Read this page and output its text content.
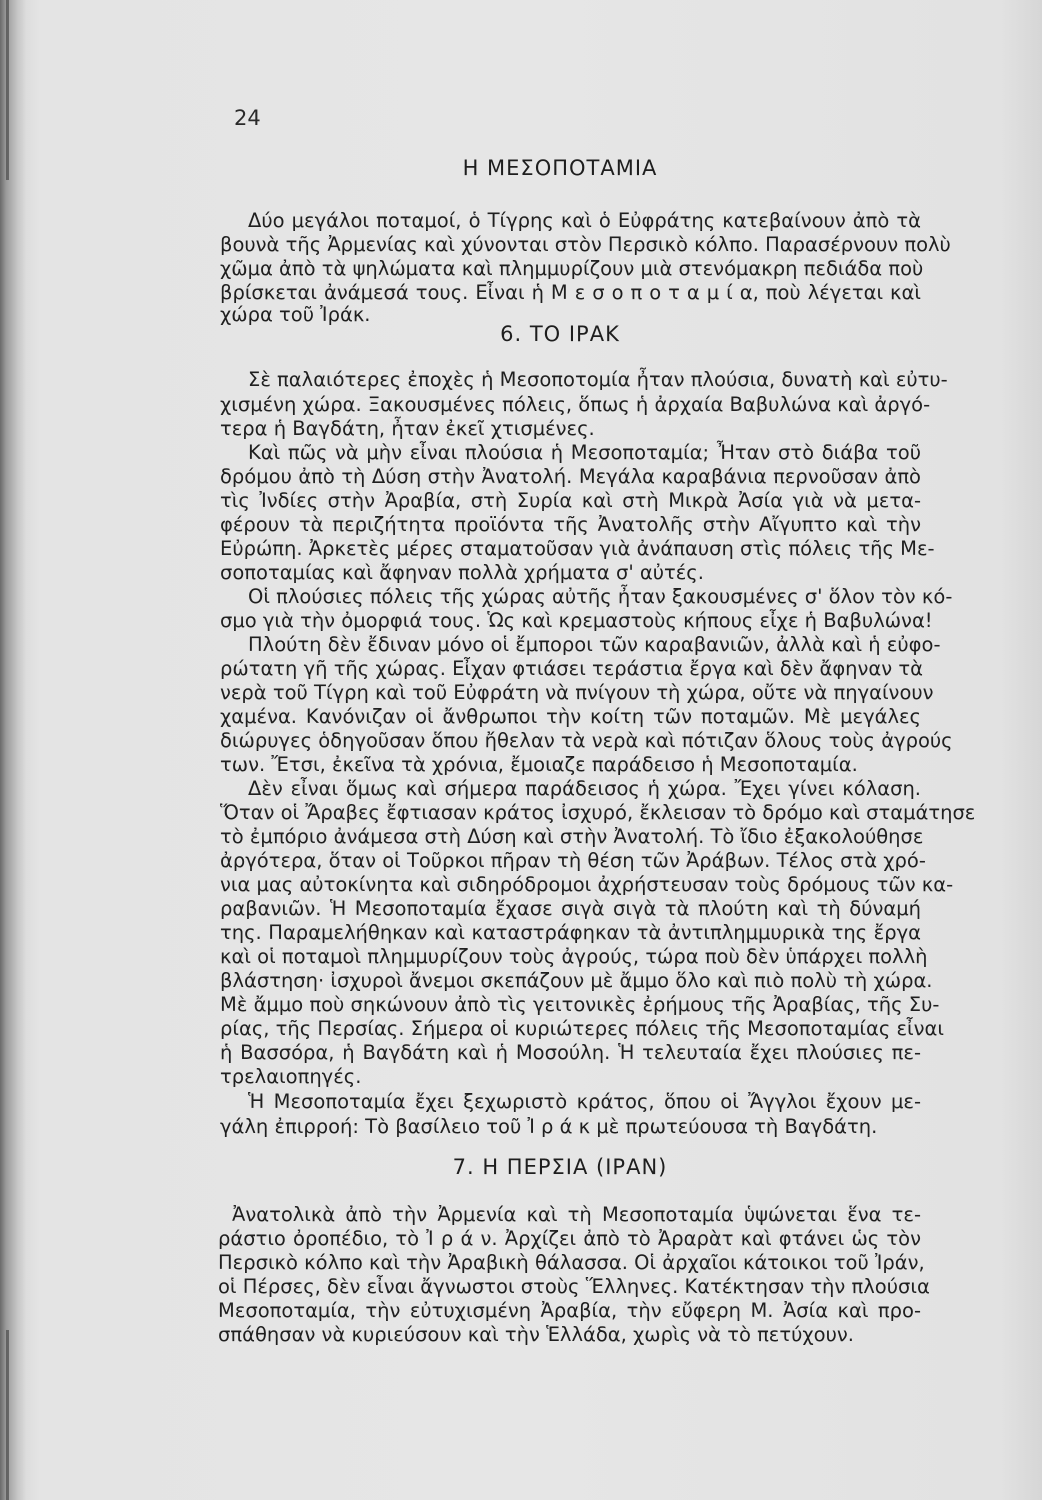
24
Η ΜΕΣΟΠΟΤΑΜΙΑ
Δύο μεγάλοι ποταμοί, ὁ Τίγρης καὶ ὁ Εὐφράτης κατεβαίνουν ἀπὸ τὰ
βουνὰ τῆς Ἀρμενίας καὶ χύνονται στὸν Περσικὸ κόλπο. Παρασέρνουν πολὺ
χῶμα ἀπὸ τὰ ψηλώματα καὶ πλημμυρίζουν μιὰ στενόμακρη πεδιάδα ποὺ
βρίσκεται ἀνάμεσά τους. Εἶναι ἡ Μ ε σ ο π ο τ α μ ί α, ποὺ λέγεται καὶ
χώρα τοῦ Ἰράκ.
6. ΤΟ ΙΡΑΚ
Σὲ παλαιότερες ἐποχὲς ἡ Μεσοποτομία ἦταν πλούσια, δυνατὴ καὶ εὐτυ-
χισμένη χώρα. Ξακουσμένες πόλεις, ὅπως ἡ ἀρχαία Βαβυλώνα καὶ ἀργό-
τερα ἡ Βαγδάτη, ἦταν ἐκεῖ χτισμένες.
Καὶ πῶς νὰ μὴν εἶναι πλούσια ἡ Μεσοποταμία; Ἦταν στὸ διάβα τοῦ
δρόμου ἀπὸ τὴ Δύση στὴν Ἀνατολή. Μεγάλα καραβάνια περνοῦσαν ἀπὸ
τὶς Ἰνδίες στὴν Ἀραβία, στὴ Συρία καὶ στὴ Μικρὰ Ἀσία γιὰ νὰ μετα-
φέρουν τὰ περιζήτητα προϊόντα τῆς Ἀνατολῆς στὴν Αἴγυπτο καὶ τὴν
Εὐρώπη. Ἀρκετὲς μέρες σταματοῦσαν γιὰ ἀνάπαυση στὶς πόλεις τῆς Με-
σοποταμίας καὶ ἄφηναν πολλὰ χρήματα σ' αὐτές.
Οἱ πλούσιες πόλεις τῆς χώρας αὐτῆς ἦταν ξακουσμένες σ' ὅλον τὸν κό-
σμο γιὰ τὴν ὀμορφιά τους. Ὡς καὶ κρεμαστοὺς κήπους εἶχε ἡ Βαβυλώνα!
Πλούτη δὲν ἔδιναν μόνο οἱ ἔμποροι τῶν καραβανιῶν, ἀλλὰ καὶ ἡ εὐφο-
ρώτατη γῆ τῆς χώρας. Εἶχαν φτιάσει τεράστια ἔργα καὶ δὲν ἄφηναν τὰ
νερὰ τοῦ Τίγρη καὶ τοῦ Εὐφράτη νὰ πνίγουν τὴ χώρα, οὔτε νὰ πηγαίνουν
χαμένα. Κανόνιζαν οἱ ἄνθρωποι τὴν κοίτη τῶν ποταμῶν. Μὲ μεγάλες
διώρυγες ὁδηγοῦσαν ὅπου ἤθελαν τὰ νερὰ καὶ πότιζαν ὅλους τοὺς ἀγρούς
των. Ἔτσι, ἐκεῖνα τὰ χρόνια, ἔμοιαζε παράδεισο ἡ Μεσοποταμία.
Δὲν εἶναι ὅμως καὶ σήμερα παράδεισος ἡ χώρα. Ἔχει γίνει κόλαση.
Ὅταν οἱ Ἄραβες ἔφτιασαν κράτος ἰσχυρό, ἔκλεισαν τὸ δρόμο καὶ σταμάτησε
τὸ ἐμπόριο ἀνάμεσα στὴ Δύση καὶ στὴν Ἀνατολή. Τὸ ἴδιο ἐξακολούθησε
ἀργότερα, ὅταν οἱ Τοῦρκοι πῆραν τὴ θέση τῶν Ἀράβων. Τέλος στὰ χρό-
νια μας αὐτοκίνητα καὶ σιδηρόδρομοι ἀχρήστευσαν τοὺς δρόμους τῶν κα-
ραβανιῶν. Ἡ Μεσοποταμία ἔχασε σιγὰ σιγὰ τὰ πλούτη καὶ τὴ δύναμή
της. Παραμελήθηκαν καὶ καταστράφηκαν τὰ ἀντιπλημμυρικὰ της ἔργα
καὶ οἱ ποταμοὶ πλημμυρίζουν τοὺς ἀγρούς, τώρα ποὺ δὲν ὑπάρχει πολλὴ
βλάστηση· ἰσχυροὶ ἄνεμοι σκεπάζουν μὲ ἄμμο ὅλο καὶ πιὸ πολὺ τὴ χώρα.
Μὲ ἄμμο ποὺ σηκώνουν ἀπὸ τὶς γειτονικὲς ἐρήμους τῆς Ἀραβίας, τῆς Συ-
ρίας, τῆς Περσίας. Σήμερα οἱ κυριώτερες πόλεις τῆς Μεσοποταμίας εἶναι
ἡ Βασσόρα, ἡ Βαγδάτη καὶ ἡ Μοσούλη. Ἡ τελευταία ἔχει πλούσιες πε-
τρελαιοπηγές.
Ἡ Μεσοποταμία ἔχει ξεχωριστὸ κράτος, ὅπου οἱ Ἄγγλοι ἔχουν με-
γάλη ἐπιρροή: Τὸ βασίλειο τοῦ Ἰ ρ ά κ μὲ πρωτεύουσα τὴ Βαγδάτη.
7. Η ΠΕΡΣΙΑ (ΙΡΑΝ)
Ἀνατολικὰ ἀπὸ τὴν Ἀρμενία καὶ τὴ Μεσοποταμία ὑψώνεται ἕνα τε-
ράστιο ὀροπέδιο, τὸ Ἰ ρ ά ν. Ἀρχίζει ἀπὸ τὸ Ἀραρὰτ καὶ φτάνει ὡς τὸν
Περσικὸ κόλπο καὶ τὴν Ἀραβικὴ θάλασσα. Οἱ ἀρχαῖοι κάτοικοι τοῦ Ἰράν,
οἱ Πέρσες, δὲν εἶναι ἄγνωστοι στοὺς Ἕλληνες. Κατέκτησαν τὴν πλούσια
Μεσοποταμία, τὴν εὐτυχισμένη Ἀραβία, τὴν εὔφερη Μ. Ἀσία καὶ προ-
σπάθησαν νὰ κυριεύσουν καὶ τὴν Ἑλλάδα, χωρὶς νὰ τὸ πετύχουν.
